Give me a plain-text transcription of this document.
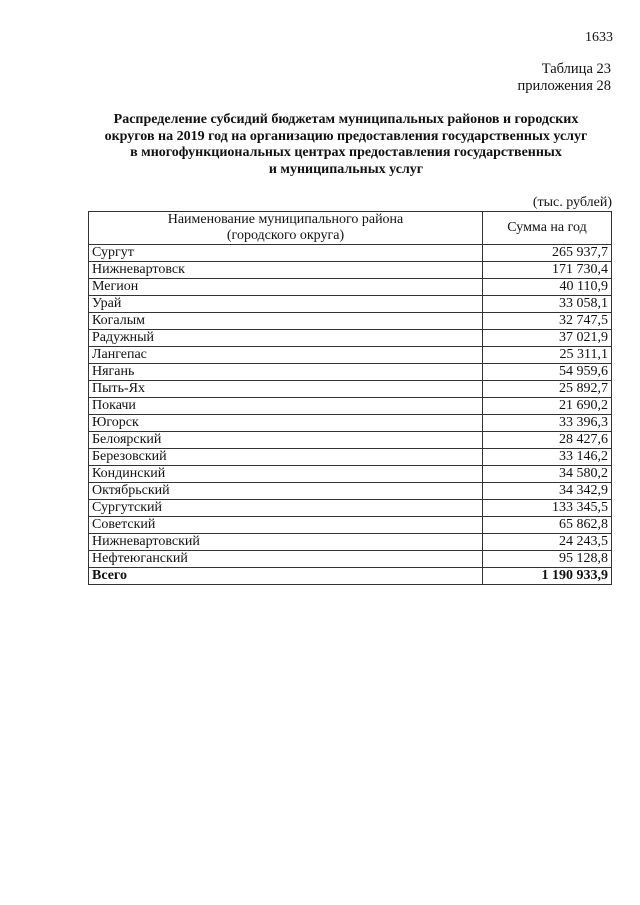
1633
Таблица 23
приложения 28
Распределение субсидий бюджетам муниципальных районов и городских
округов на 2019 год на организацию предоставления государственных услуг
в многофункциональных центрах предоставления государственных
и муниципальных услуг
(тыс. рублей)
Наименование муниципального района
(городского округа)	Сумма на год
Сургут	265 937,7
Нижневартовск	171 730,4
Мегион	40 110,9
Урай	33 058,1
Когалым	32 747,5
Радужный	37 021,9
Лангепас	25 311,1
Нягань	54 959,6
Пыть-Ях	25 892,7
Покачи	21 690,2
Югорск	33 396,3
Белоярский	28 427,6
Березовский	33 146,2
Кондинский	34 580,2
Октябрьский	34 342,9
Сургутский	133 345,5
Советский	65 862,8
Нижневартовский	24 243,5
Нефтеюганский	95 128,8
Всего	1 190 933,9
